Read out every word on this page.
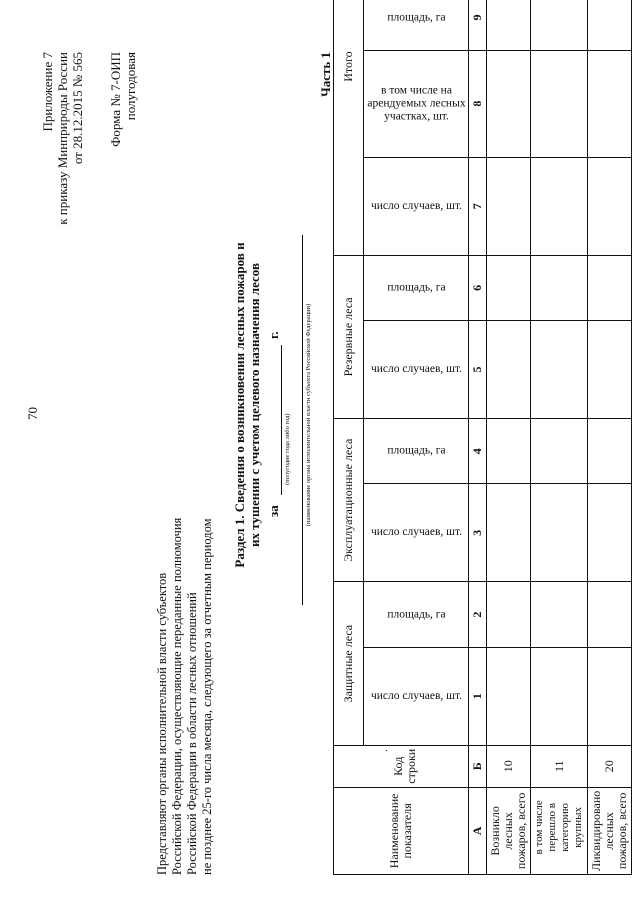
70
Приложение 7 к приказу Минприроды России от 28.12.2015 № 565 Форма № 7-ОИП полугодовая
Представляют органы исполнительной власти субъектов Российской Федерации, осуществляющие переданные полномочия Российской Федерации в области лесных отношений не позднее 25-го числа месяца, следующего за отчетным периодом
Раздел 1. Сведения о возникновении лесных пожаров и их тушении с учетом целевого назначения лесов за
г.
(полугодие года либо год) (наименование органа исполнительной власти субъекта Российской Федерации)
Часть 1
Наименование показателя	·
Код строки	Защитные леса		Эксплуатационные леса		Резервные леса		Итого			
		число случаев, шт.	площадь, га	число случаев, шт.	площадь, га	число случаев, шт.	площадь, га	число случаев, шт.	в том числе на арендуемых лесных участках, шт.	площадь, га	
А	Б	1	2	3	4	5	6	7	8	9	
Возникло лесных пожаров, всего	10										
в том числе перешло в категорию крупных	11										
Ликвидировано лесных пожаров, всего	20										
